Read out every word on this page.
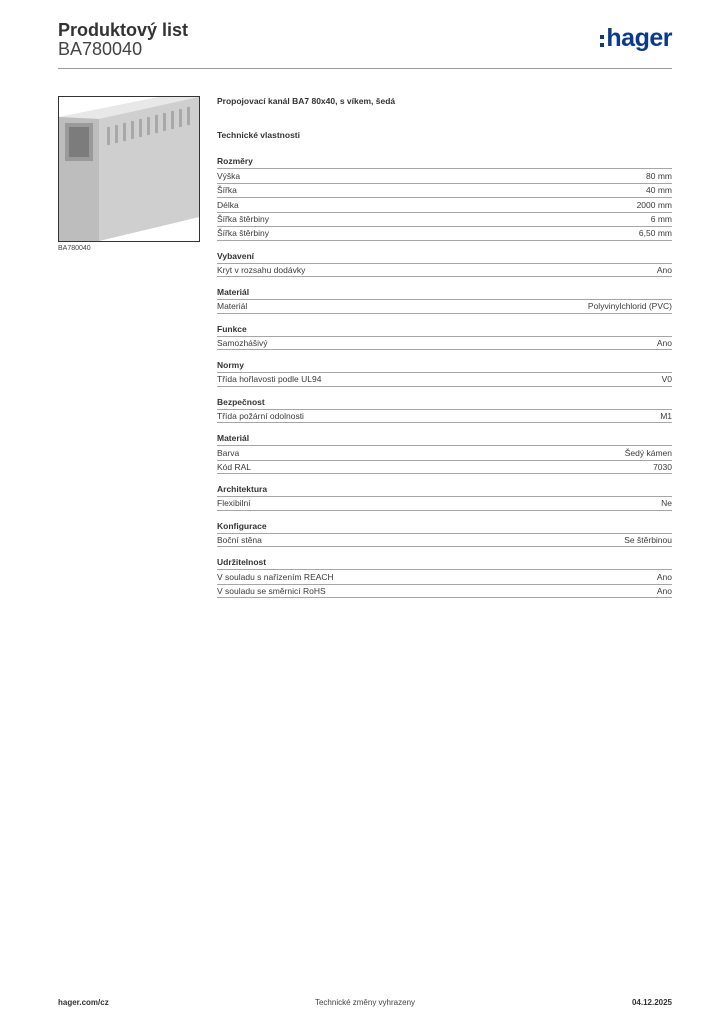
Produktový list
BA780040	hager
BA780040
Propojovací kanál BA7 80x40, s víkem, šedá
Technické vlastnosti
Rozměry
Výška	80 mm
Šířka	40 mm
Délka	2000 mm
Šířka štěrbiny	6 mm
Šířka štěrbiny	6,50 mm
Vybavení
Kryt v rozsahu dodávky	Ano
Materiál
Materiál	Polyvinylchlorid (PVC)
Funkce
Samozhášivý	Ano
Normy
Třída hořlavosti podle UL94	V0
Bezpečnost
Třída požární odolnosti	M1
Materiál
Barva	Šedý kámen
Kód RAL	7030
Architektura
Flexibilní	Ne
Konfigurace
Boční stěna	Se štěrbinou
Udržitelnost
V souladu s nařízením REACH	Ano
V souladu se směrnicí RoHS	Ano
hager.com/cz	Technické změny vyhrazeny	04.12.2025
